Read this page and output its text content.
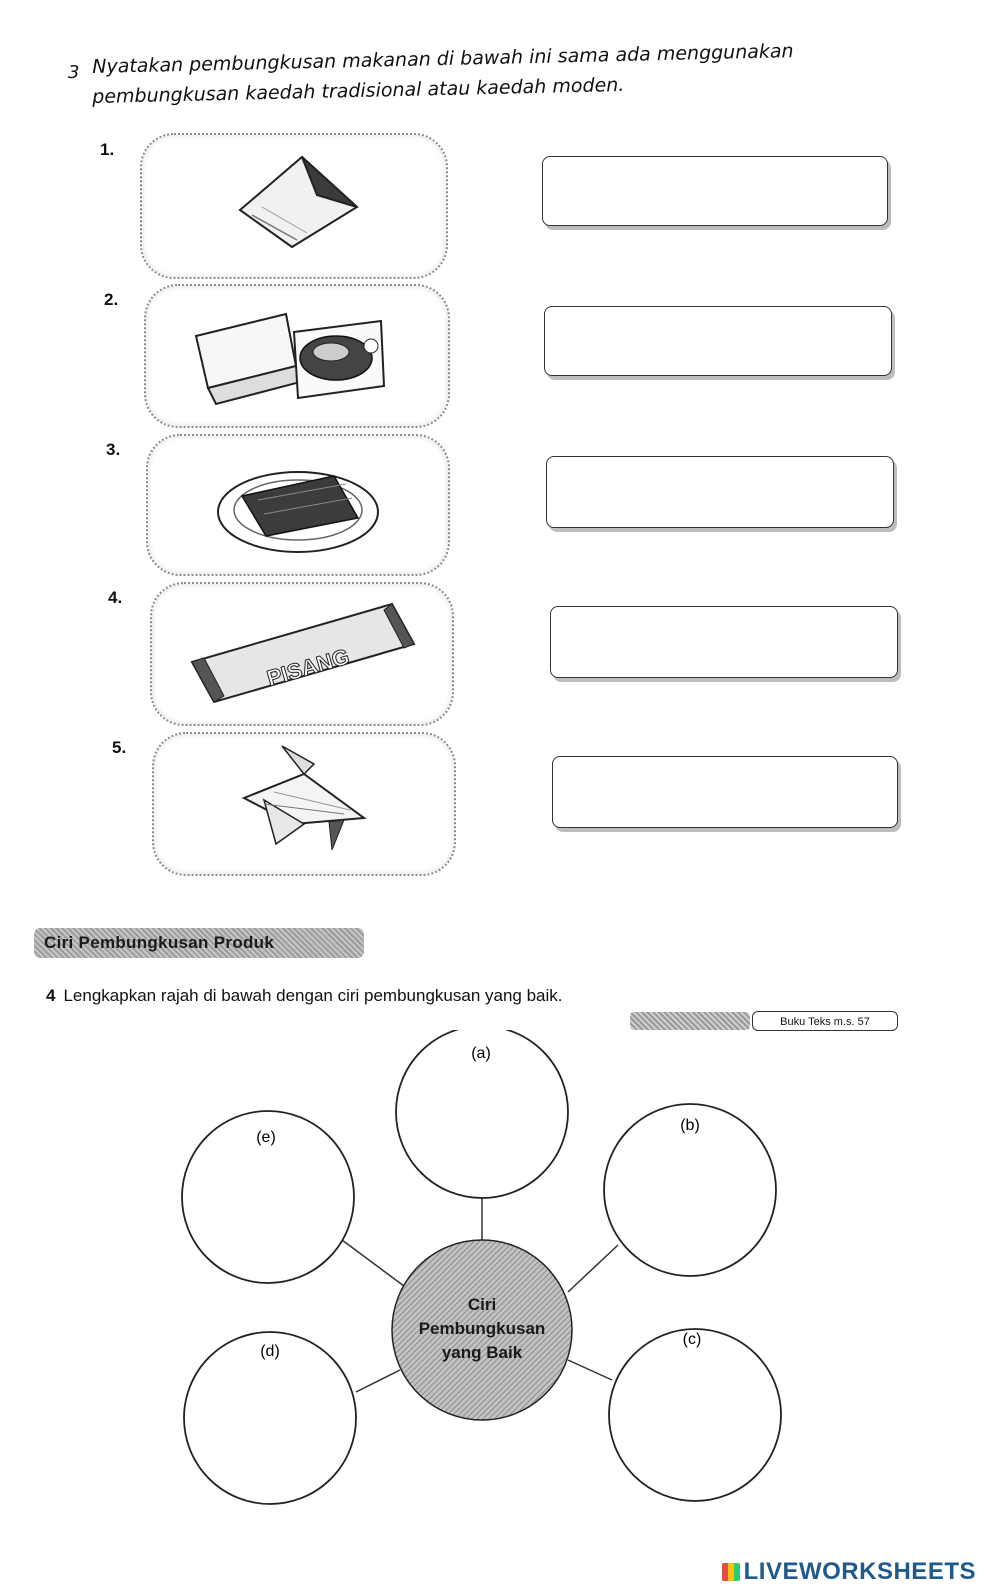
3 Nyatakan pembungkusan makanan di bawah ini sama ada menggunakan
pembungkusan kaedah tradisional atau kaedah moden.
1.
2.
3.
4.
PISANG
5.
Ciri Pembungkusan Produk
4 Lengkapkan rajah di bawah dengan ciri pembungkusan yang baik.
Buku Teks m.s. 57
Ciri
Pembungkusan
yang Baik
(a)
(b)
(c)
(d)
(e)
LIVEWORKSHEETS
